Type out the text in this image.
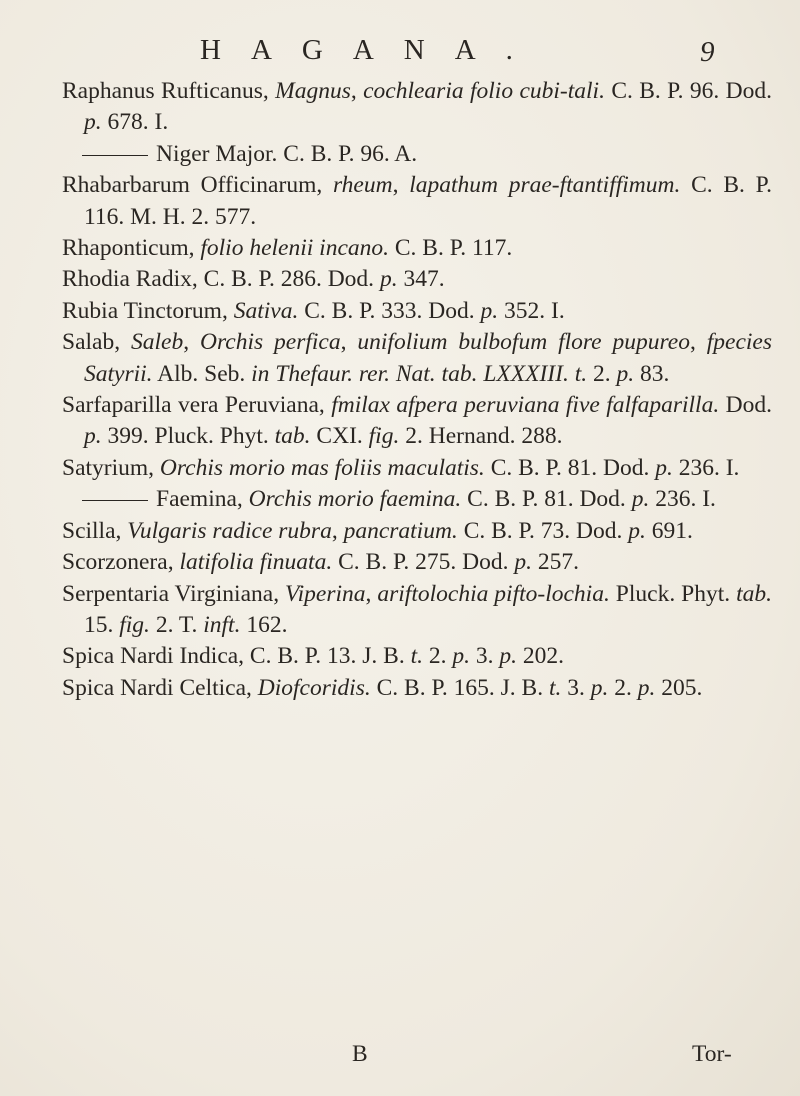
HAGANA.	9
Raphanus Rufticanus, Magnus, cochlearia folio cubi-tali. C. B. P. 96. Dod. p. 678. I.
Niger Major. C. B. P. 96. A.
Rhabarbarum Officinarum, rheum, lapathum prae-ftantiffimum. C. B. P. 116. M. H. 2. 577.
Rhaponticum, folio helenii incano. C. B. P. 117.
Rhodia Radix, C. B. P. 286. Dod. p. 347.
Rubia Tinctorum, Sativa. C. B. P. 333. Dod. p. 352. I.
Salab, Saleb, Orchis perfica, unifolium bulbofum flore pupureo, fpecies Satyrii. Alb. Seb. in Thefaur. rer. Nat. tab. LXXXIII. t. 2. p. 83.
Sarfaparilla vera Peruviana, fmilax afpera peruviana five falfaparilla. Dod. p. 399. Pluck. Phyt. tab. CXI. fig. 2. Hernand. 288.
Satyrium, Orchis morio mas foliis maculatis. C. B. P. 81. Dod. p. 236. I.
Faemina, Orchis morio faemina. C. B. P. 81. Dod. p. 236. I.
Scilla, Vulgaris radice rubra, pancratium. C. B. P. 73. Dod. p. 691.
Scorzonera, latifolia finuata. C. B. P. 275. Dod. p. 257.
Serpentaria Virginiana, Viperina, ariftolochia pifto-lochia. Pluck. Phyt. tab. 15. fig. 2. T. inft. 162.
Spica Nardi Indica, C. B. P. 13. J. B. t. 2. p. 3. p. 202.
Spica Nardi Celtica, Diofcoridis. C. B. P. 165. J. B. t. 3. p. 2. p. 205.
B	Tor-
